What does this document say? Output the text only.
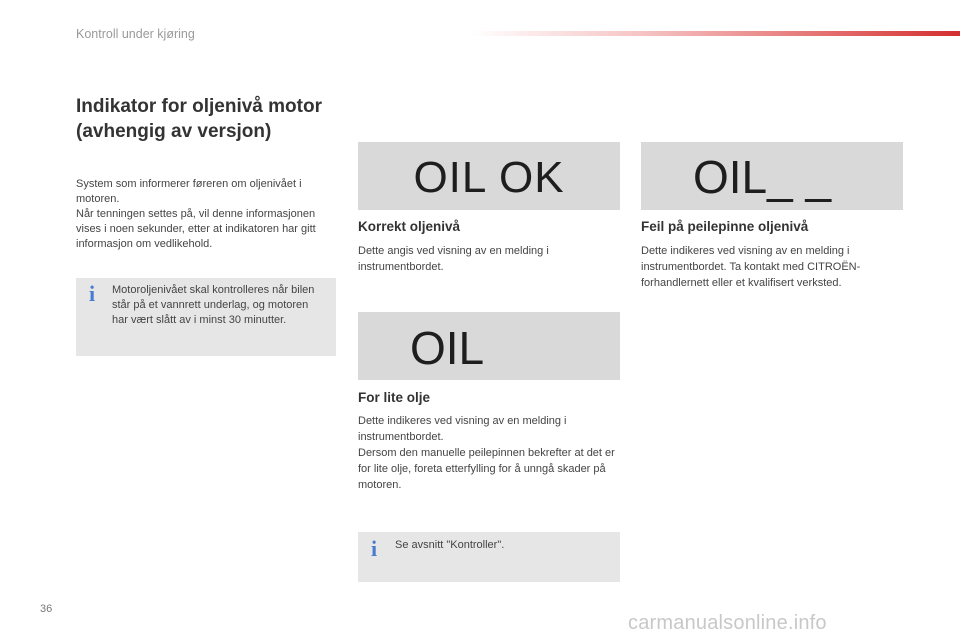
Kontroll under kjøring
Indikator for oljenivå motor
(avhengig av versjon)

System som informerer føreren om oljenivået i motoren.

Når tenningen settes på, vil denne informasjonen vises i noen sekunder, etter at indikatoren har gitt informasjon om vedlikehold.

i Motoroljenivået skal kontrolleres når bilen står på et vannrett underlag, og motoren har vært slått av i minst 30 minutter.
OIL OK
Korrekt oljenivå
Dette angis ved visning av en melding i instrumentbordet.
OIL_ _
Feil på peilepinne oljenivå
Dette indikeres ved visning av en melding i instrumentbordet. Ta kontakt med CITROËN-forhandlernett eller et kvalifisert verksted.
OIL
For lite olje

Dette indikeres ved visning av en melding i instrumentbordet.

Dersom den manuelle peilepinnen bekrefter at det er for lite olje, foreta etterfylling for å unngå skader på motoren.

i Se avsnitt "Kontroller".
36
carmanualsonline.info
